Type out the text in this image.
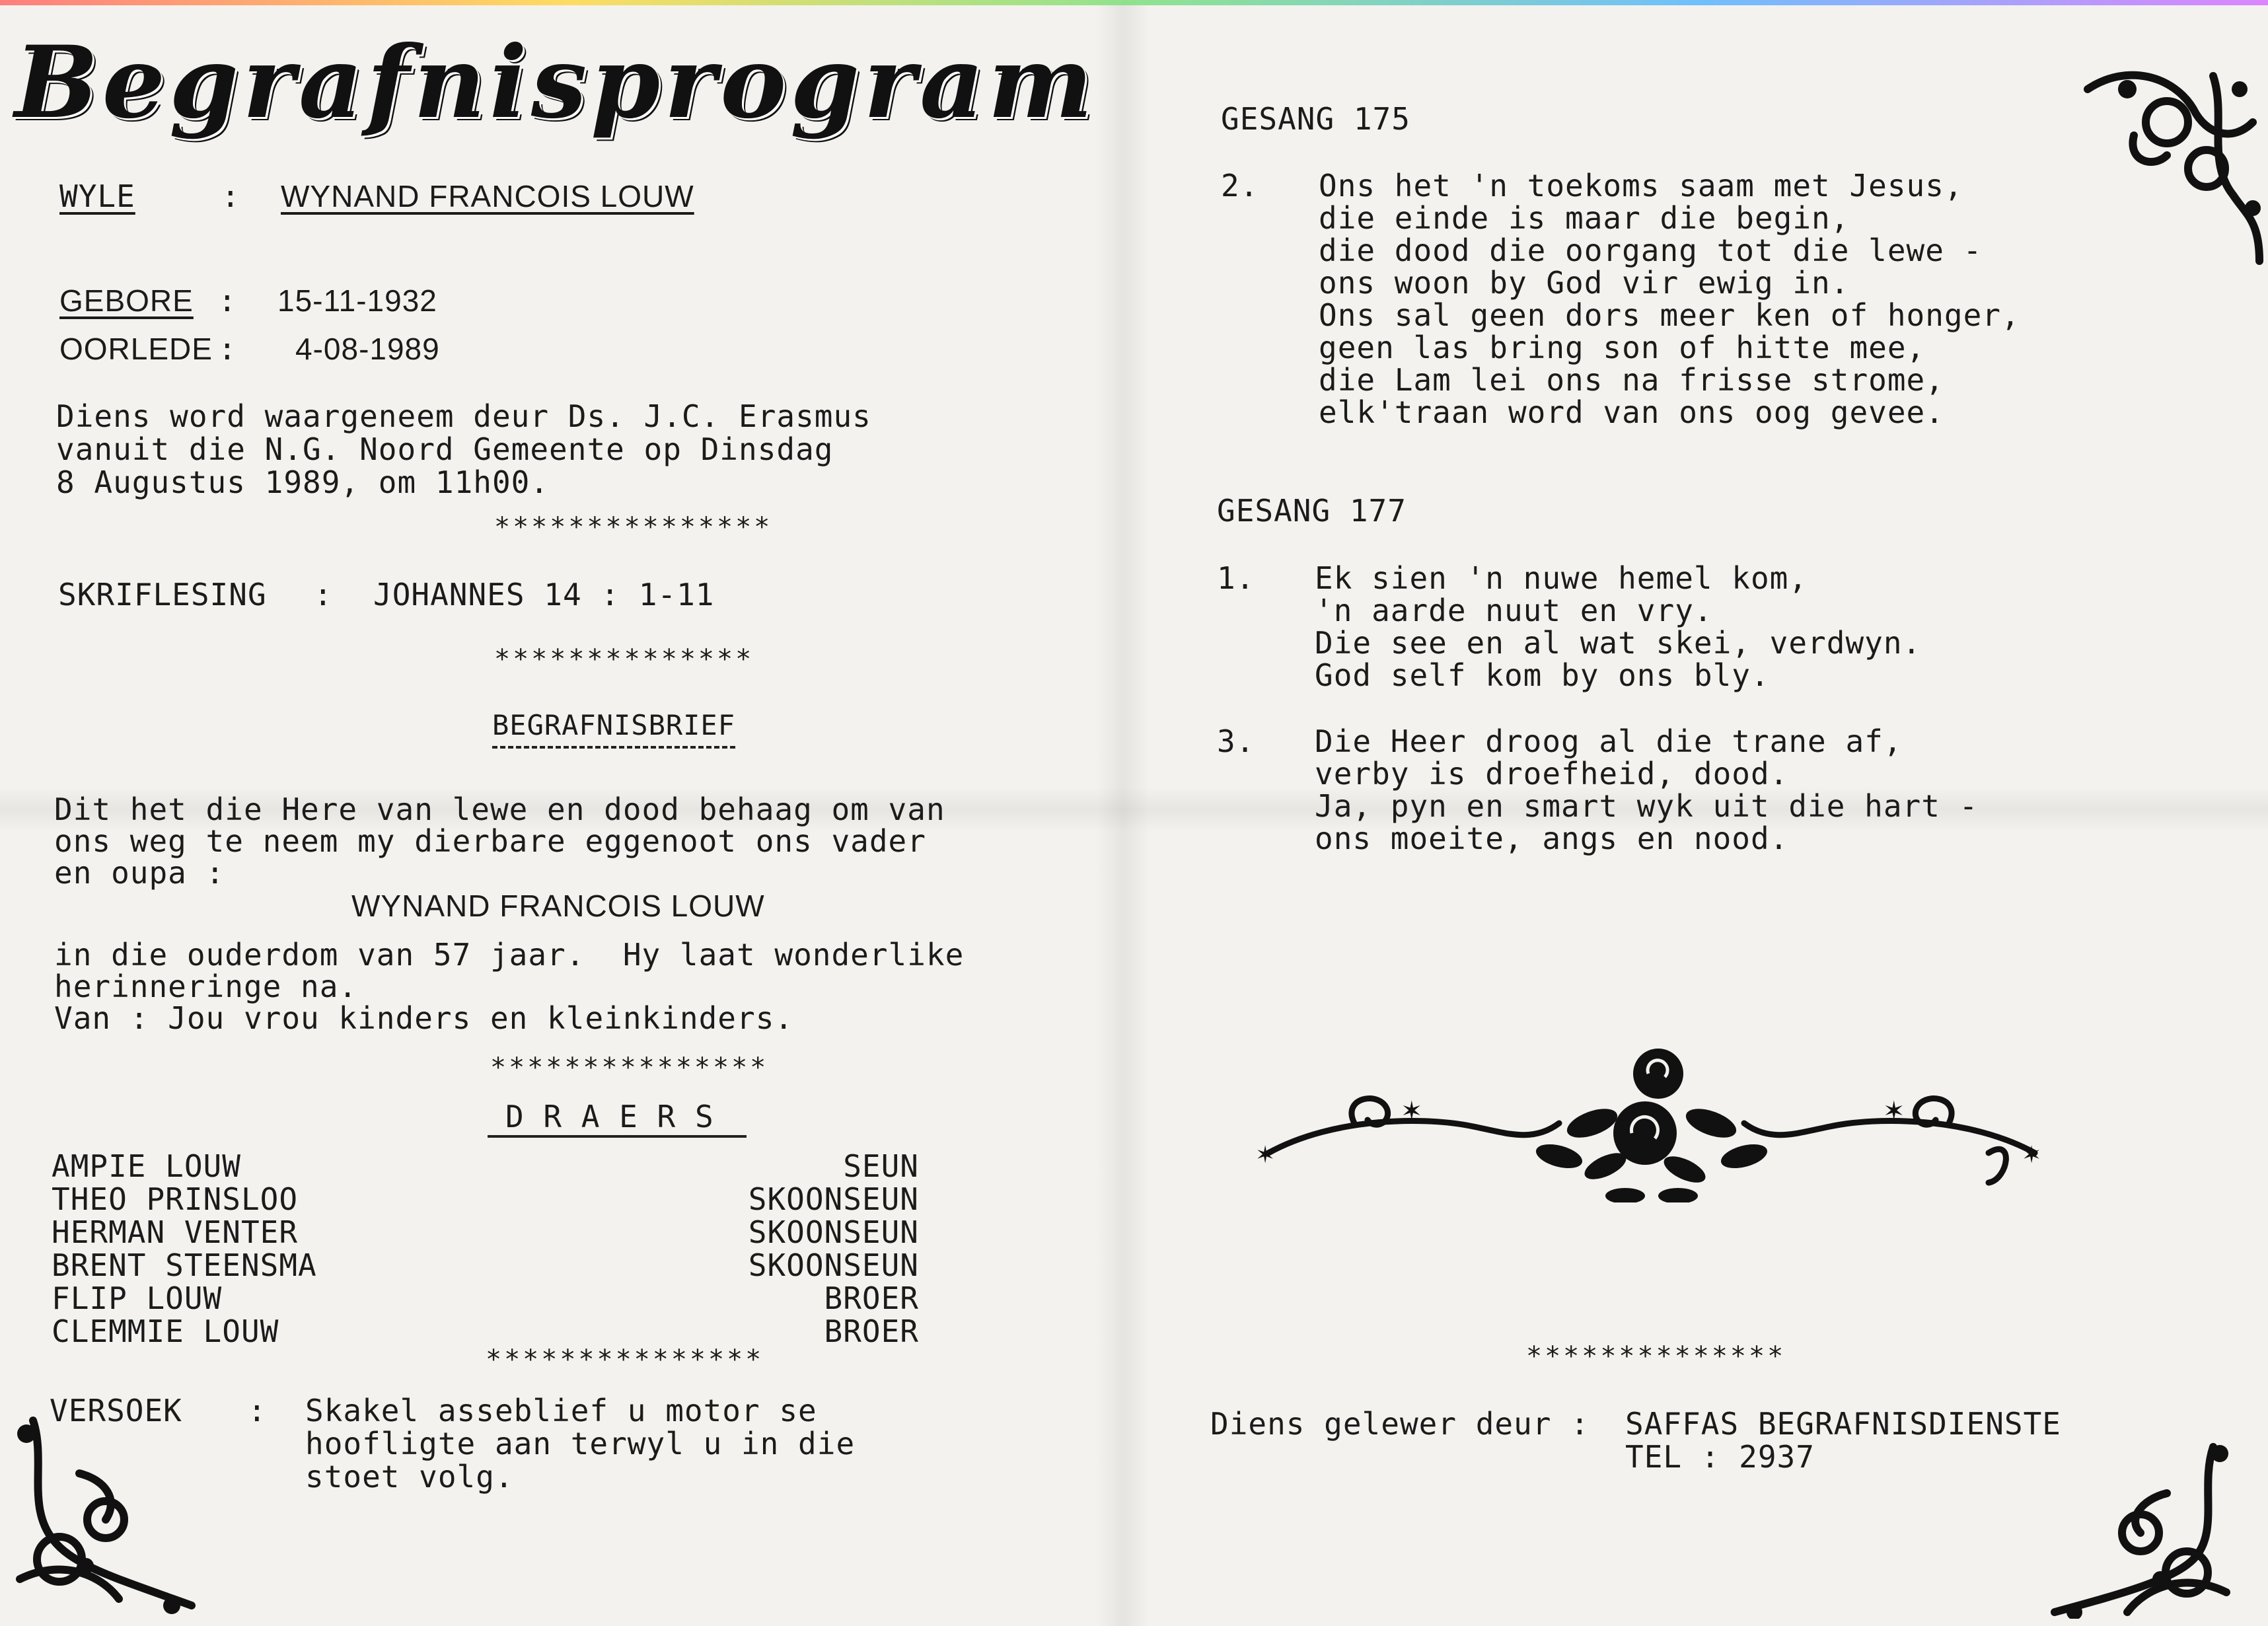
Begrafnisprogram
WYLE	: WYNAND FRANCOIS LOUW
GEBORE : 15-11-1932
OORLEDE : 4-08-1989
Diens word waargeneem deur Ds. J.C. Erasmus
vanuit die N.G. Noord Gemeente op Dinsdag
8 Augustus 1989, om 11h00.
***************
SKRIFLESING : JOHANNES 14 : 1-11
**************
BEGRAFNISBRIEF
Dit het die Here van lewe en dood behaag om van
ons weg te neem my dierbare eggenoot ons vader
en oupa :
WYNAND FRANCOIS LOUW
in die ouderdom van 57 jaar.  Hy laat wonderlike
herinneringe na.
Van : Jou vrou kinders en kleinkinders.
***************
D R A E R S
AMPIE LOUW	SEUN
THEO PRINSLOO	SKOONSEUN
HERMAN VENTER	SKOONSEUN
BRENT STEENSMA	SKOONSEUN
FLIP LOUW	BROER
CLEMMIE LOUW	BROER
***************
VERSOEK : Skakel asseblief u motor se
hoofligte aan terwyl u in die
stoet volg.
GESANG 175
2. Ons het 'n toekoms saam met Jesus,
die einde is maar die begin,
die dood die oorgang tot die lewe -
ons woon by God vir ewig in.
Ons sal geen dors meer ken of honger,
geen las bring son of hitte mee,
die Lam lei ons na frisse strome,
elk'traan word van ons oog gevee.
GESANG 177
1. Ek sien 'n nuwe hemel kom,
'n aarde nuut en vry.
Die see en al wat skei, verdwyn.
God self kom by ons bly.
3. Die Heer droog al die trane af,
verby is droefheid, dood.
Ja, pyn en smart wyk uit die hart -
ons moeite, angs en nood.
✶	✶
✶	✶
**************
Diens gelewer deur : SAFFAS BEGRAFNISDIENSTE
TEL : 2937
